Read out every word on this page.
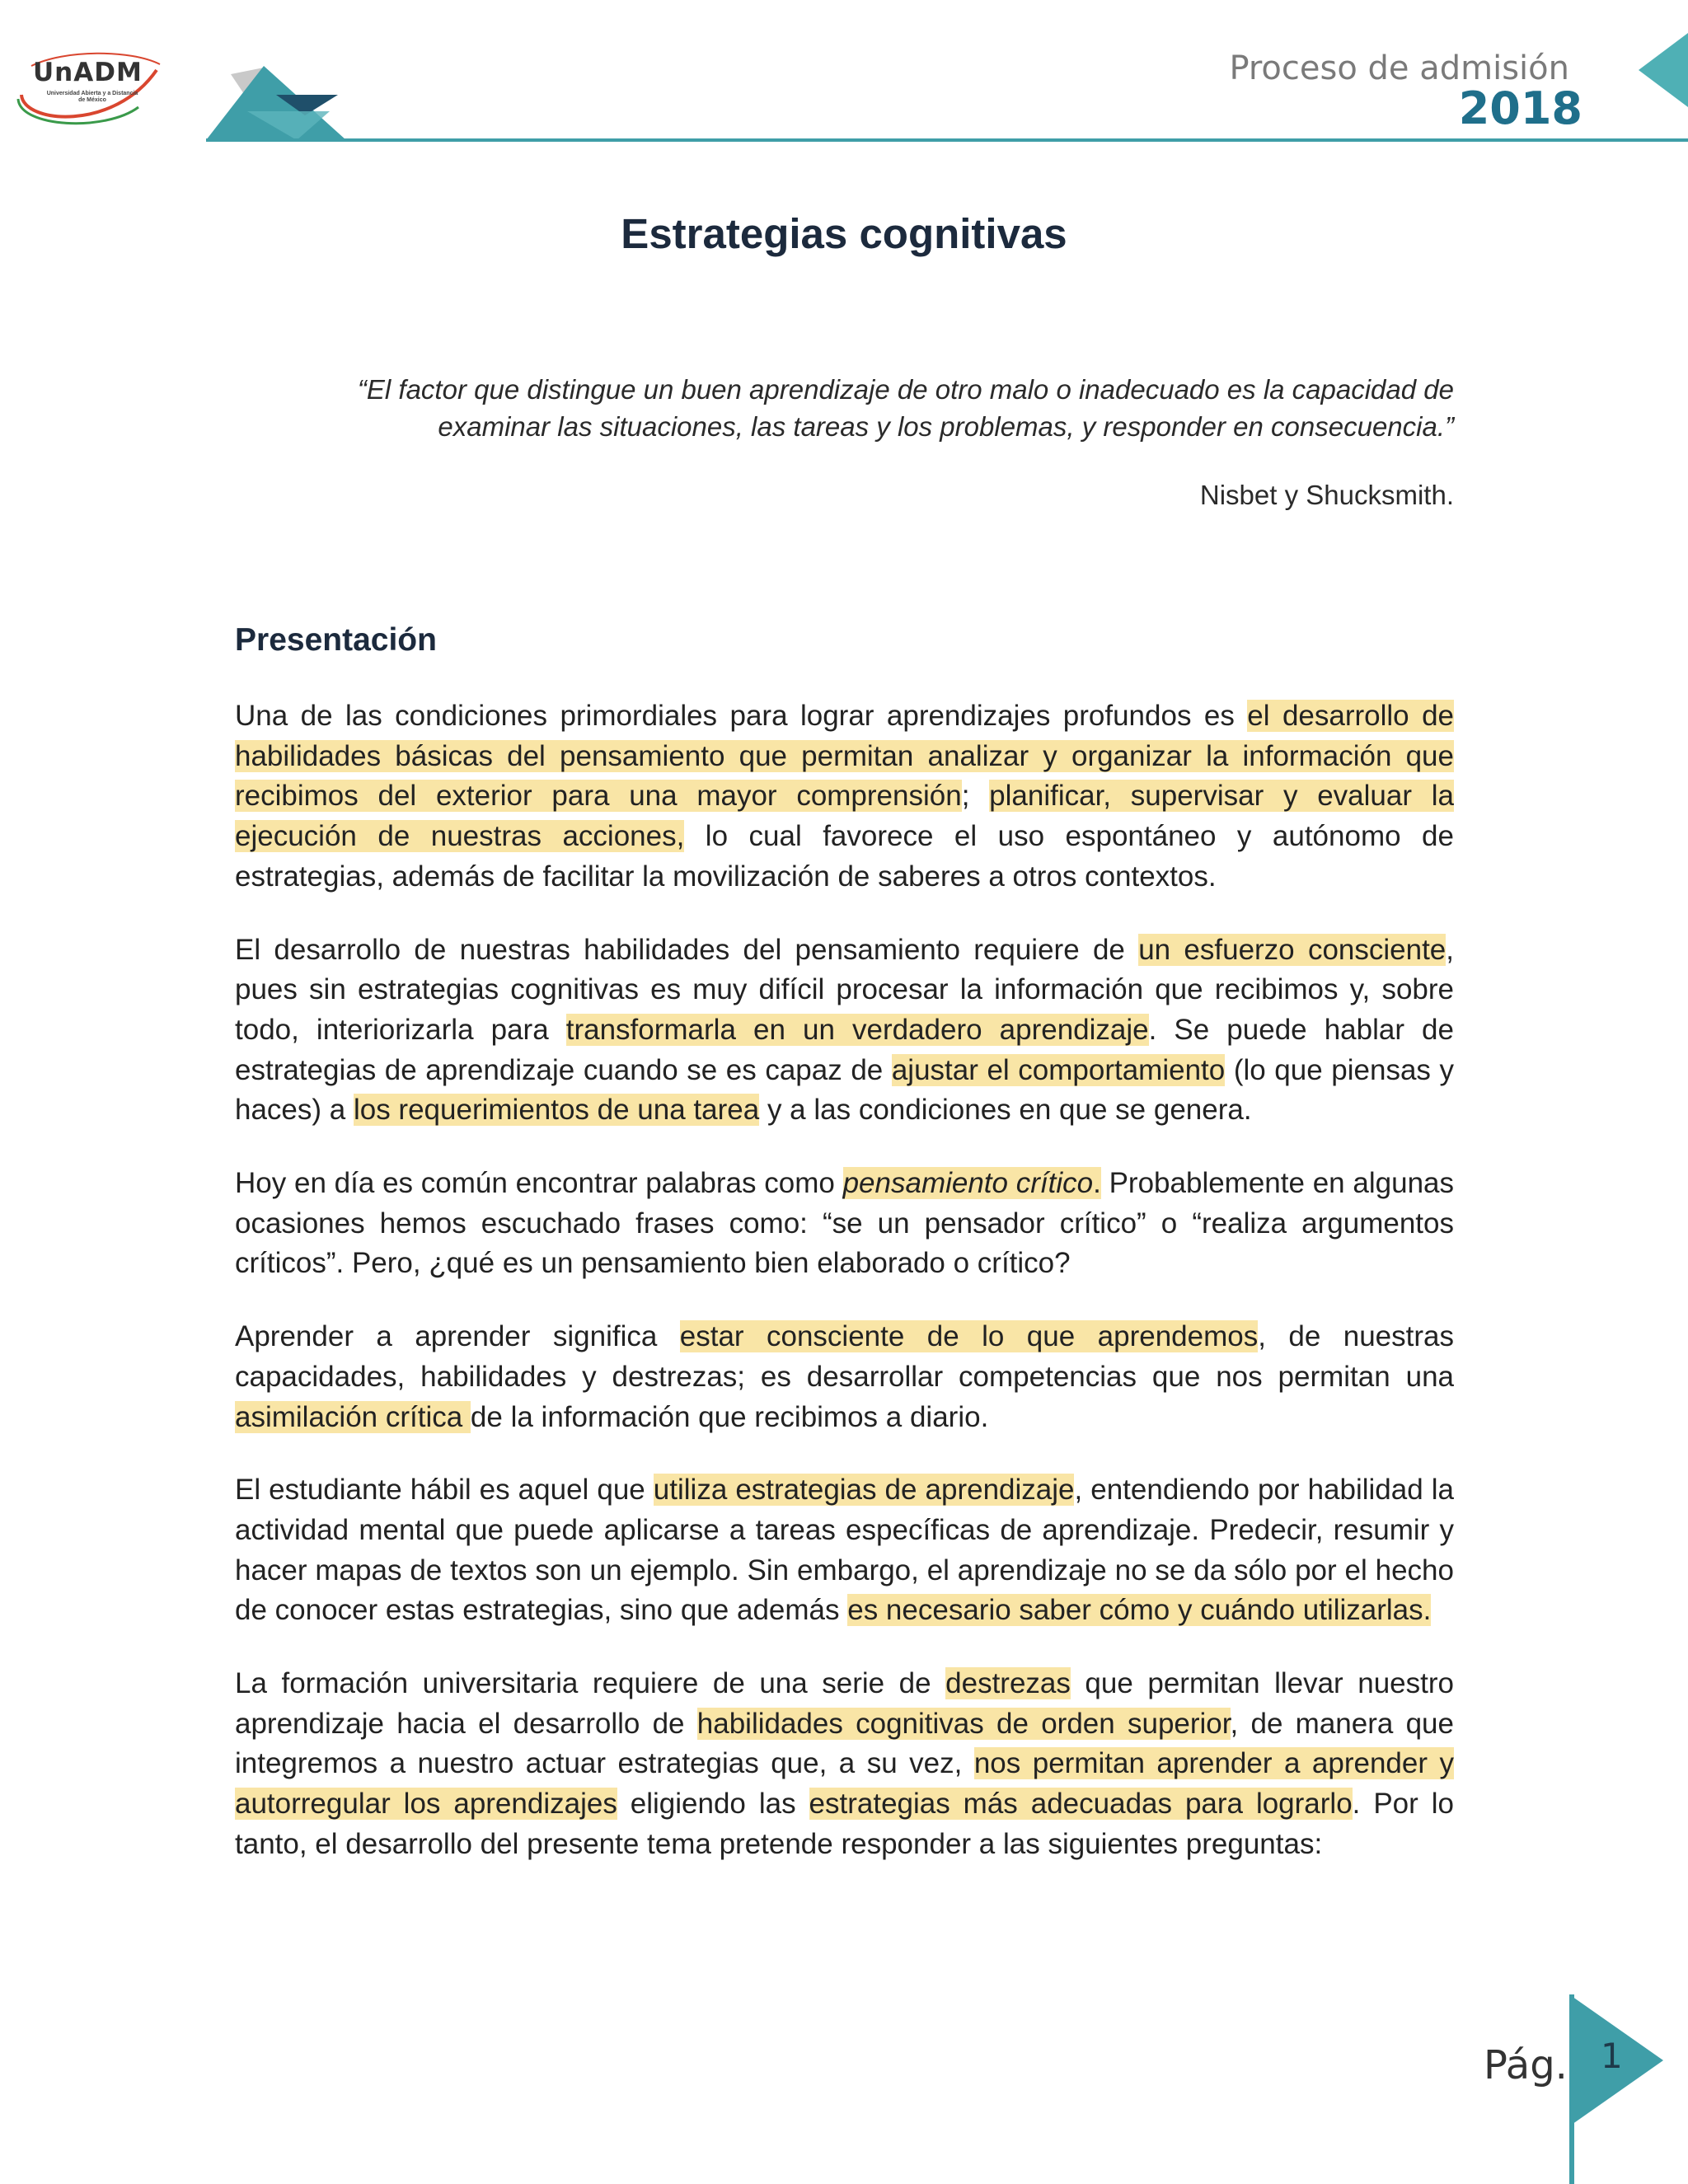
UnADM
Universidad Abierta y a Distancia de México
Proceso de admisión
2018
Estrategias cognitivas
“El factor que distingue un buen aprendizaje de otro malo o inadecuado es la capacidad de
examinar las situaciones, las tareas y los problemas, y responder en consecuencia.”
Nisbet y Shucksmith.
Presentación

Una de las condiciones primordiales para lograr aprendizajes profundos es el desarrollo de habilidades básicas del pensamiento que permitan analizar y organizar la información que recibimos del exterior para una mayor comprensión; planificar, supervisar y evaluar la ejecución de nuestras acciones, lo cual favorece el uso espontáneo y autónomo de estrategias, además de facilitar la movilización de saberes a otros contextos.

El desarrollo de nuestras habilidades del pensamiento requiere de un esfuerzo consciente, pues sin estrategias cognitivas es muy difícil procesar la información que recibimos y, sobre todo, interiorizarla para transformarla en un verdadero aprendizaje. Se puede hablar de estrategias de aprendizaje cuando se es capaz de ajustar el comportamiento (lo que piensas y haces) a los requerimientos de una tarea y a las condiciones en que se genera.

Hoy en día es común encontrar palabras como pensamiento crítico. Probablemente en algunas ocasiones hemos escuchado frases como: “se un pensador crítico” o “realiza argumentos críticos”. Pero, ¿qué es un pensamiento bien elaborado o crítico?

Aprender a aprender significa estar consciente de lo que aprendemos, de nuestras capacidades, habilidades y destrezas; es desarrollar competencias que nos permitan una asimilación crítica de la información que recibimos a diario.

El estudiante hábil es aquel que utiliza estrategias de aprendizaje, entendiendo por habilidad la actividad mental que puede aplicarse a tareas específicas de aprendizaje. Predecir, resumir y hacer mapas de textos son un ejemplo. Sin embargo, el aprendizaje no se da sólo por el hecho de conocer estas estrategias, sino que además es necesario saber cómo y cuándo utilizarlas.

La formación universitaria requiere de una serie de destrezas que permitan llevar nuestro aprendizaje hacia el desarrollo de habilidades cognitivas de orden superior, de manera que integremos a nuestro actuar estrategias que, a su vez, nos permitan aprender a aprender y autorregular los aprendizajes eligiendo las estrategias más adecuadas para lograrlo. Por lo tanto, el desarrollo del presente tema pretende responder a las siguientes preguntas:

Pág. 1
